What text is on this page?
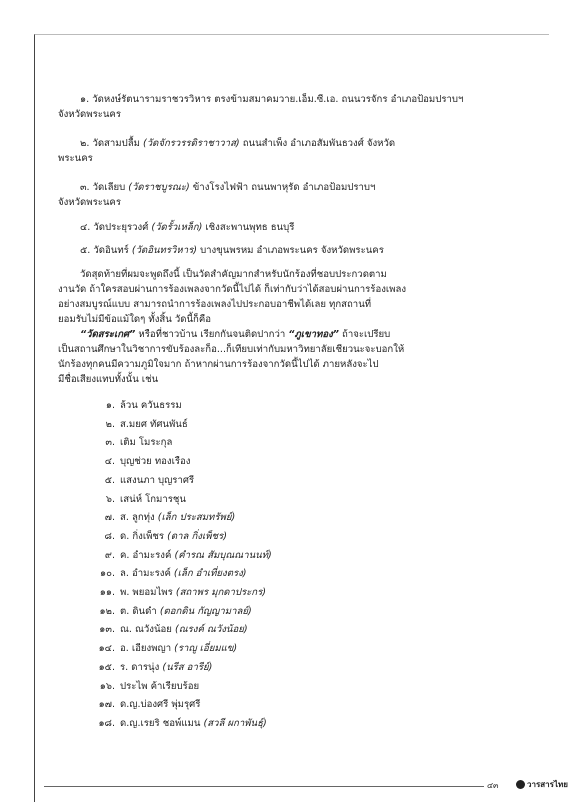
๑. วัดหงษ์รัตนารามราชวรวิหาร ตรงข้ามสมาคมวาย.เอ็ม.ซี.เอ. ถนนวรจักร อำเภอป้อมปราบฯ
จังหวัดพระนคร
๒. วัดสามปลื้ม (วัดจักรวรรดิราชาวาส) ถนนสำเพ็ง อำเภอสัมพันธวงศ์ จังหวัด
พระนคร
๓. วัดเลียบ (วัดราชบูรณะ) ข้างโรงไฟฟ้า ถนนพาหุรัด อำเภอป้อมปราบฯ
จังหวัดพระนคร
๔. วัดประยุรวงศ์ (วัดรั้วเหล็ก) เชิงสะพานพุทธ ธนบุรี
๕. วัดอินทร์ (วัดอินทรวิหาร) บางขุนพรหม อำเภอพระนคร จังหวัดพระนคร
วัดสุดท้ายที่ผมจะพูดถึงนี้ เป็นวัดสำคัญมากสำหรับนักร้องที่ชอบประกวดตาม
งานวัด ถ้าใครสอบผ่านการร้องเพลงจากวัดนี้ไปได้ ก็เท่ากับว่าได้สอบผ่านการร้องเพลง
อย่างสมบูรณ์แบบ สามารถนำการร้องเพลงไปประกอบอาชีพได้เลย ทุกสถานที่
ยอมรับไม่มีข้อแม้ใดๆ ทั้งสิ้น วัดนี้ก็คือ
“วัดสระเกศ” หรือที่ชาวบ้าน เรียกกันจนติดปากว่า “ภูเขาทอง” ถ้าจะเปรียบ
เป็นสถานศึกษาในวิชาการขับร้องละก็อ...ก็เทียบเท่ากับมหาวิทยาลัยเชียวนะจะบอกให้
นักร้องทุกคนมีความภูมิใจมาก ถ้าหากผ่านการร้องจากวัดนี้ไปได้ ภายหลังจะไป
มีชื่อเสียงแทบทั้งนั้น เช่น
๑. ล้วน ควันธรรม
๒. ส.มยศ ทัศนพันธ์
๓. เติม โมระกุล
๔. บุญช่วย ทองเรือง
๕. แสงนภา บุญราศรี
๖. เสน่ห์ โกมารชุน
๗. ส. ลูกทุ่ง (เล็ก ประสมทรัพย์)
๘. ด. กิ่งเพ็ชร (ดาล กิ่งเพ็ชร)
๙. ค. อำมะรงค์ (คำรณ สัมบุณณานนท์)
๑๐. ล. อำมะรงค์ (เล็ก อำเที่ยงตรง)
๑๑. พ. พยอมไพร (สถาพร มุกดาประกร)
๑๒. ต. ดินดำ (ตอกดิน กัญญามาลย์)
๑๓. ณ. ณวังน้อย (ณรงค์ ณวังน้อย)
๑๔. อ. เอียงพญา (ราญู เอี่ยมแข)
๑๕. ร. ดารนุ่ง (นรีส อารีย์)
๑๖. ประไพ ค้าเรียบร้อย
๑๗. ด.ญ.บ่องศรี พุ่มรุศรี
๑๘. ด.ญ.เรยริ ชอพ์แมน (สวลี ผกาพันธุ์)
๔๓	วารสารไทย
